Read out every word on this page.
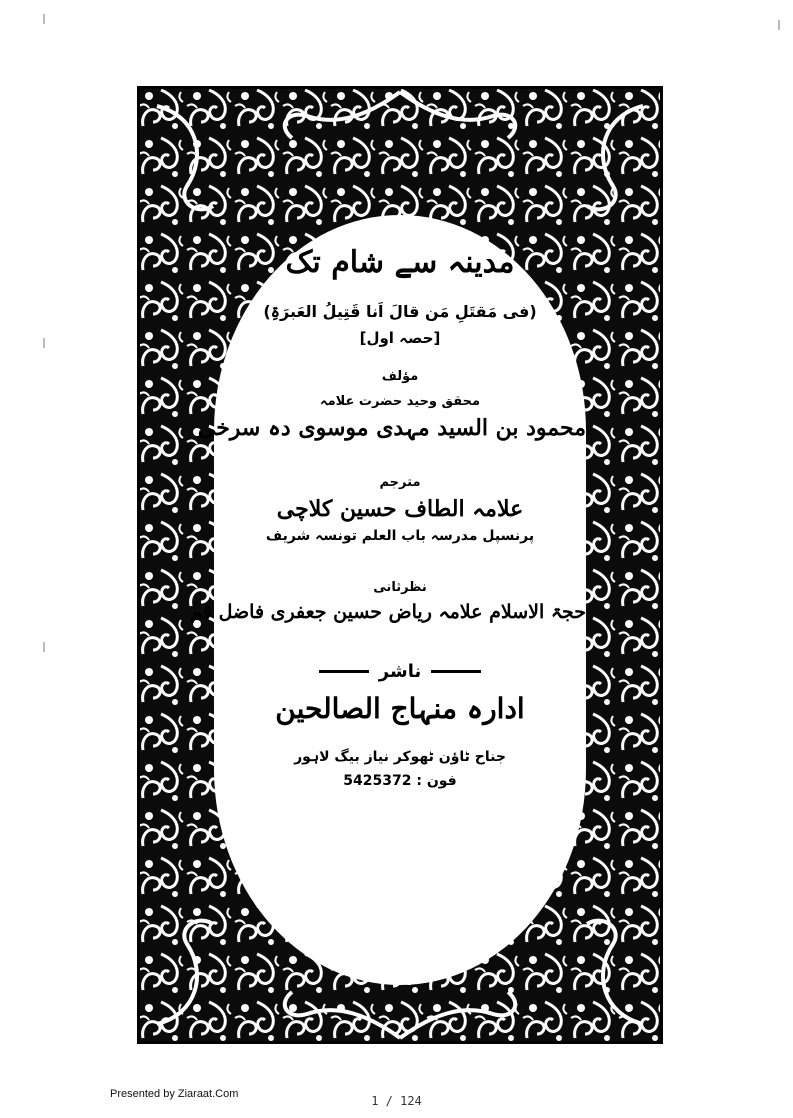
مدینہ سے شام تک
(فی مَقتَلِ مَن قالَ اَنا قَتِیلُ العَبرَۃِ)
[حصہ اول]
مؤلف
محقق وحید حضرت علامہ
محمود بن السید مہدی موسوی دہ سرخی
مترجم
علامہ الطاف حسین کلاچی
پرنسپل مدرسہ باب العلم تونسہ شریف
نظرثانی
حجۃ الاسلام علامہ ریاض حسین جعفری فاضل قم
ناشر
ادارہ منہاج الصالحین
جناح ٹاؤن ٹھوکر نیاز بیگ لاہور
فون : 5425372
Presented by Ziaraat.Com	1 / 124
